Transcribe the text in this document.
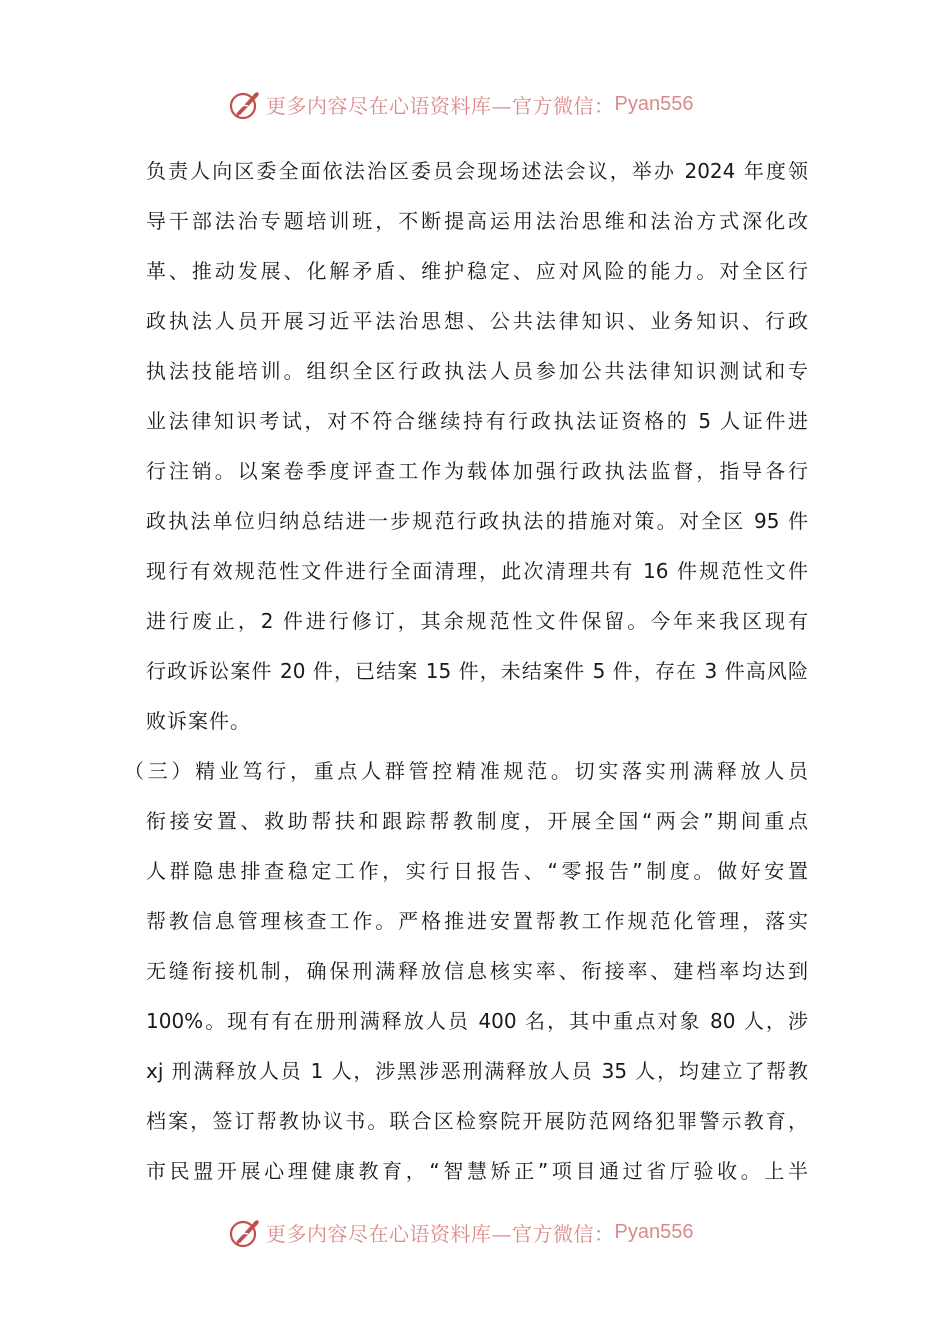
更多内容尽在心语资料库—官方微信： Pyan556
负责人向区委全面依法治区委员会现场述法会议，举办 2024 年度领
导干部法治专题培训班，不断提高运用法治思维和法治方式深化改
革、推动发展、化解矛盾、维护稳定、应对风险的能力。对全区行
政执法人员开展习近平法治思想、公共法律知识、业务知识、行政
执法技能培训。组织全区行政执法人员参加公共法律知识测试和专
业法律知识考试，对不符合继续持有行政执法证资格的 5 人证件进
行注销。以案卷季度评查工作为载体加强行政执法监督，指导各行
政执法单位归纳总结进一步规范行政执法的措施对策。对全区 95 件
现行有效规范性文件进行全面清理，此次清理共有 16 件规范性文件
进行废止，2 件进行修订，其余规范性文件保留。今年来我区现有
行政诉讼案件 20 件，已结案 15 件，未结案件 5 件，存在 3 件高风险
败诉案件。
（三）精业笃行，重点人群管控精准规范。切实落实刑满释放人员
衔接安置、救助帮扶和跟踪帮教制度，开展全国“两会”期间重点
人群隐患排查稳定工作，实行日报告、“零报告”制度。做好安置
帮教信息管理核查工作。严格推进安置帮教工作规范化管理，落实
无缝衔接机制，确保刑满释放信息核实率、衔接率、建档率均达到
100%。现有有在册刑满释放人员 400 名，其中重点对象 80 人，涉
xj 刑满释放人员 1 人，涉黑涉恶刑满释放人员 35 人，均建立了帮教
档案，签订帮教协议书。联合区检察院开展防范网络犯罪警示教育，
市民盟开展心理健康教育，“智慧矫正”项目通过省厅验收。上半
更多内容尽在心语资料库—官方微信： Pyan556
